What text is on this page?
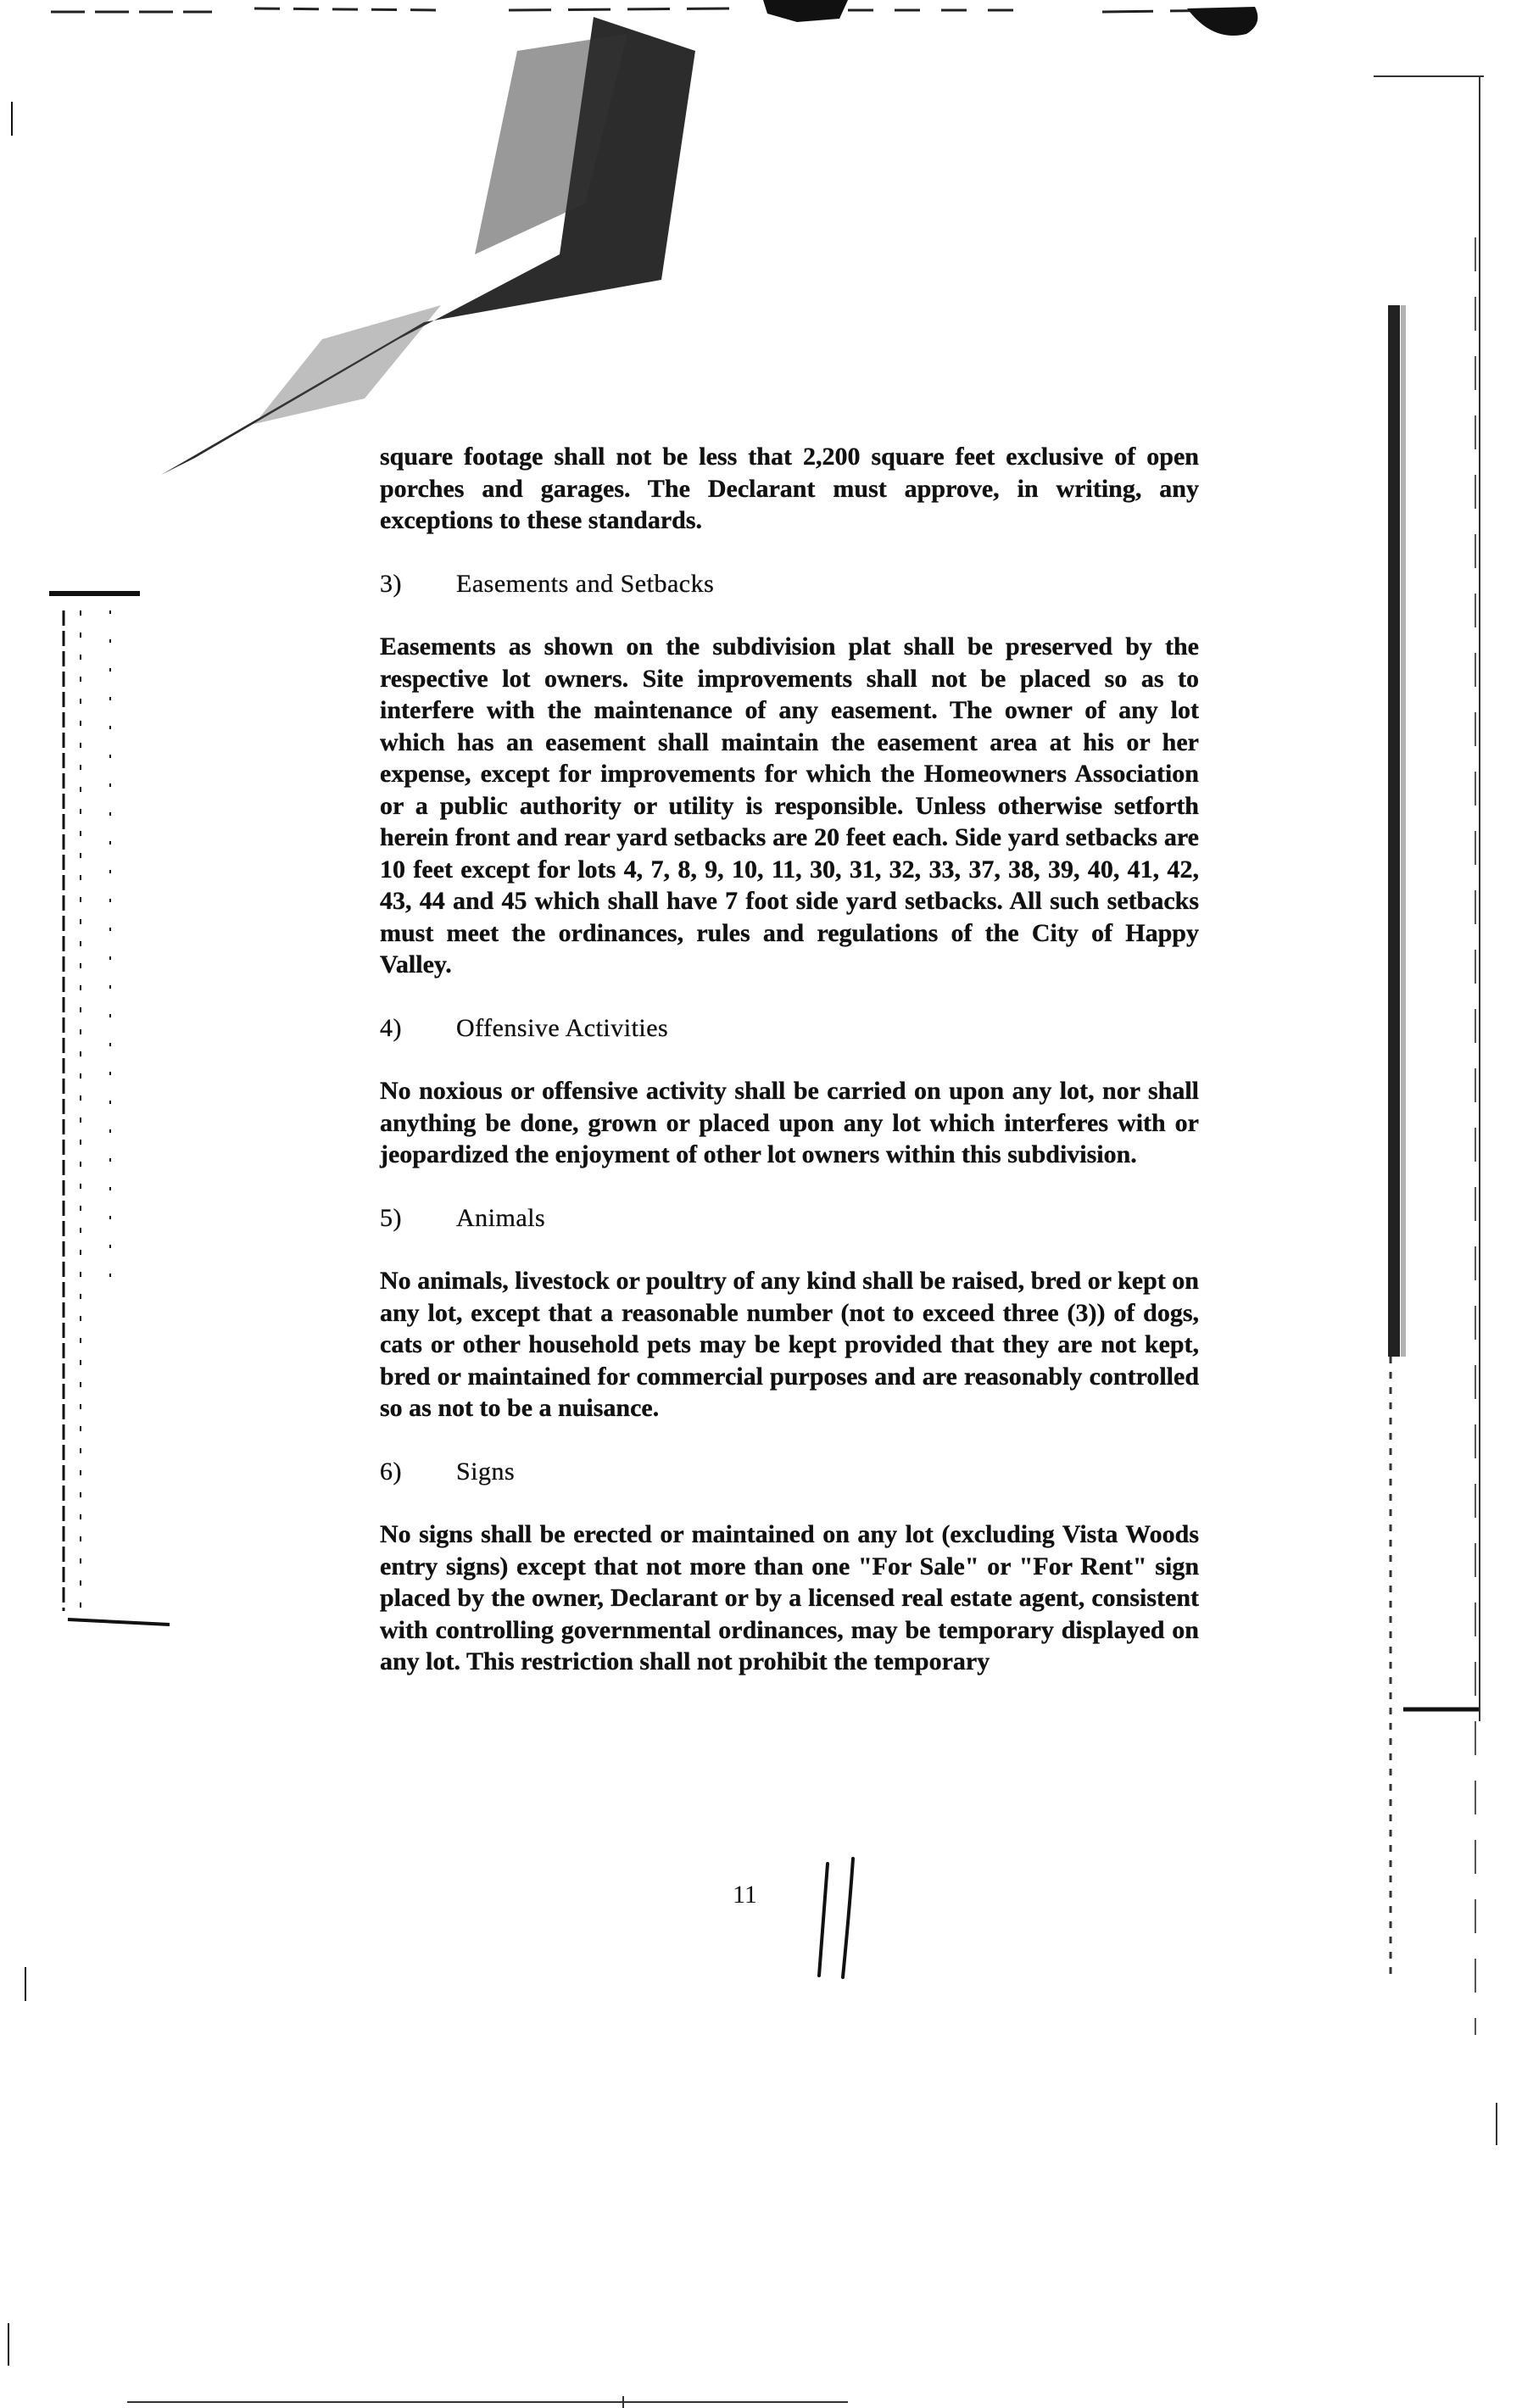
square footage shall not be less that 2,200 square feet exclusive of open porches and garages. The Declarant must approve, in writing, any exceptions to these standards.

3)	Easements and Setbacks

Easements as shown on the subdivision plat shall be preserved by the respective lot owners. Site improvements shall not be placed so as to interfere with the maintenance of any easement. The owner of any lot which has an easement shall maintain the easement area at his or her expense, except for improvements for which the Homeowners Association or a public authority or utility is responsible. Unless otherwise setforth herein front and rear yard setbacks are 20 feet each. Side yard setbacks are 10 feet except for lots 4, 7, 8, 9, 10, 11, 30, 31, 32, 33, 37, 38, 39, 40, 41, 42, 43, 44 and 45 which shall have 7 foot side yard setbacks. All such setbacks must meet the ordinances, rules and regulations of the City of Happy Valley.

4)	Offensive Activities

No noxious or offensive activity shall be carried on upon any lot, nor shall anything be done, grown or placed upon any lot which interferes with or jeopardized the enjoyment of other lot owners within this subdivision.

5)	Animals

No animals, livestock or poultry of any kind shall be raised, bred or kept on any lot, except that a reasonable number (not to exceed three (3)) of dogs, cats or other household pets may be kept provided that they are not kept, bred or maintained for commercial purposes and are reasonably controlled so as not to be a nuisance.

6)	Signs

No signs shall be erected or maintained on any lot (excluding Vista Woods entry signs) except that not more than one "For Sale" or "For Rent" sign placed by the owner, Declarant or by a licensed real estate agent, consistent with controlling governmental ordinances, may be temporary displayed on any lot. This restriction shall not prohibit the temporary

11
